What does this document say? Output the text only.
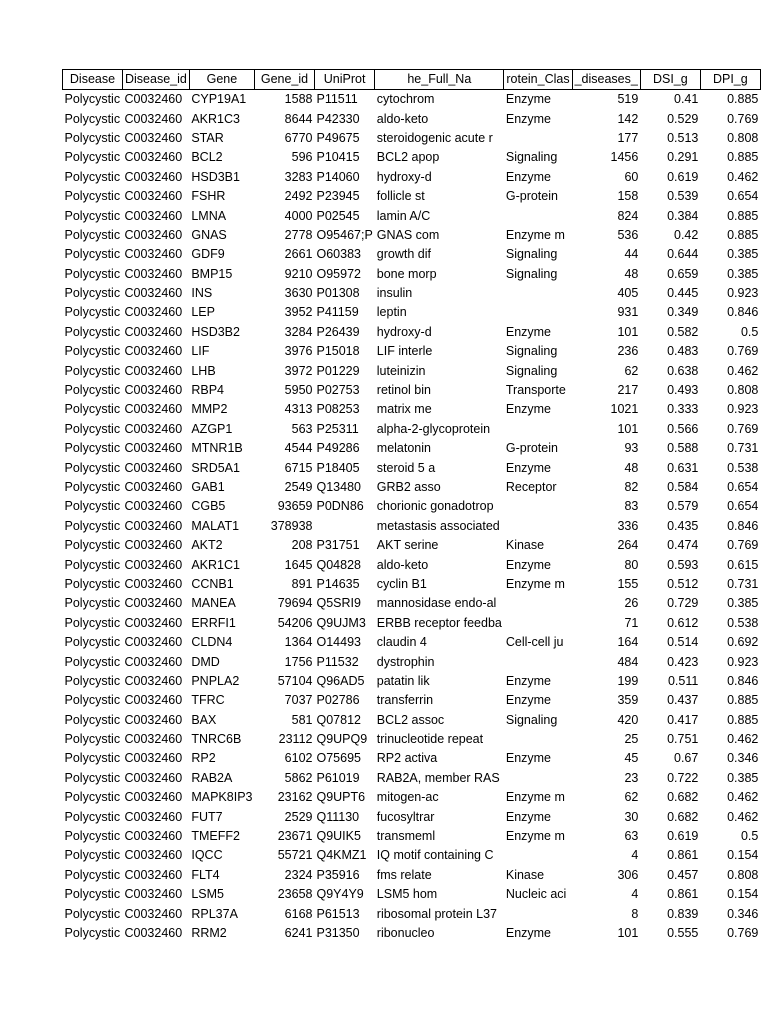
Disease	Disease_id	Gene	Gene_id	UniProt	he_Full_Na	rotein_Clas	_diseases_	DSI_g	DPI_g
Polycystic	C0032460	CYP19A1	1588	P11511	cytochrom	Enzyme	519	0.41	0.885
Polycystic	C0032460	AKR1C3	8644	P42330	aldo-keto	Enzyme	142	0.529	0.769
Polycystic	C0032460	STAR	6770	P49675	steroidogenic acute r		177	0.513	0.808
Polycystic	C0032460	BCL2	596	P10415	BCL2 apop	Signaling	1456	0.291	0.885
Polycystic	C0032460	HSD3B1	3283	P14060	hydroxy-d	Enzyme	60	0.619	0.462
Polycystic	C0032460	FSHR	2492	P23945	follicle st	G-protein	158	0.539	0.654
Polycystic	C0032460	LMNA	4000	P02545	lamin A/C		824	0.384	0.885
Polycystic	C0032460	GNAS	2778	O95467;P	GNAS com	Enzyme m	536	0.42	0.885
Polycystic	C0032460	GDF9	2661	O60383	growth dif	Signaling	44	0.644	0.385
Polycystic	C0032460	BMP15	9210	O95972	bone morp	Signaling	48	0.659	0.385
Polycystic	C0032460	INS	3630	P01308	insulin		405	0.445	0.923
Polycystic	C0032460	LEP	3952	P41159	leptin		931	0.349	0.846
Polycystic	C0032460	HSD3B2	3284	P26439	hydroxy-d	Enzyme	101	0.582	0.5
Polycystic	C0032460	LIF	3976	P15018	LIF interle	Signaling	236	0.483	0.769
Polycystic	C0032460	LHB	3972	P01229	luteinizin	Signaling	62	0.638	0.462
Polycystic	C0032460	RBP4	5950	P02753	retinol bin	Transporte	217	0.493	0.808
Polycystic	C0032460	MMP2	4313	P08253	matrix me	Enzyme	1021	0.333	0.923
Polycystic	C0032460	AZGP1	563	P25311	alpha-2-glycoprotein		101	0.566	0.769
Polycystic	C0032460	MTNR1B	4544	P49286	melatonin	G-protein	93	0.588	0.731
Polycystic	C0032460	SRD5A1	6715	P18405	steroid 5 a	Enzyme	48	0.631	0.538
Polycystic	C0032460	GAB1	2549	Q13480	GRB2 asso	Receptor	82	0.584	0.654
Polycystic	C0032460	CGB5	93659	P0DN86	chorionic gonadotrop		83	0.579	0.654
Polycystic	C0032460	MALAT1	378938		metastasis associated		336	0.435	0.846
Polycystic	C0032460	AKT2	208	P31751	AKT serine	Kinase	264	0.474	0.769
Polycystic	C0032460	AKR1C1	1645	Q04828	aldo-keto	Enzyme	80	0.593	0.615
Polycystic	C0032460	CCNB1	891	P14635	cyclin B1	Enzyme m	155	0.512	0.731
Polycystic	C0032460	MANEA	79694	Q5SRI9	mannosidase endo-al		26	0.729	0.385
Polycystic	C0032460	ERRFI1	54206	Q9UJM3	ERBB receptor feedba		71	0.612	0.538
Polycystic	C0032460	CLDN4	1364	O14493	claudin 4	Cell-cell ju	164	0.514	0.692
Polycystic	C0032460	DMD	1756	P11532	dystrophin		484	0.423	0.923
Polycystic	C0032460	PNPLA2	57104	Q96AD5	patatin lik	Enzyme	199	0.511	0.846
Polycystic	C0032460	TFRC	7037	P02786	transferrin	Enzyme	359	0.437	0.885
Polycystic	C0032460	BAX	581	Q07812	BCL2 assoc	Signaling	420	0.417	0.885
Polycystic	C0032460	TNRC6B	23112	Q9UPQ9	trinucleotide repeat		25	0.751	0.462
Polycystic	C0032460	RP2	6102	O75695	RP2 activa	Enzyme	45	0.67	0.346
Polycystic	C0032460	RAB2A	5862	P61019	RAB2A, member RAS		23	0.722	0.385
Polycystic	C0032460	MAPK8IP3	23162	Q9UPT6	mitogen-ac	Enzyme m	62	0.682	0.462
Polycystic	C0032460	FUT7	2529	Q11130	fucosyltrar	Enzyme	30	0.682	0.462
Polycystic	C0032460	TMEFF2	23671	Q9UIK5	transmeml	Enzyme m	63	0.619	0.5
Polycystic	C0032460	IQCC	55721	Q4KMZ1	IQ motif containing C		4	0.861	0.154
Polycystic	C0032460	FLT4	2324	P35916	fms relate	Kinase	306	0.457	0.808
Polycystic	C0032460	LSM5	23658	Q9Y4Y9	LSM5 hom	Nucleic aci	4	0.861	0.154
Polycystic	C0032460	RPL37A	6168	P61513	ribosomal protein L37		8	0.839	0.346
Polycystic	C0032460	RRM2	6241	P31350	ribonucleo	Enzyme	101	0.555	0.769
